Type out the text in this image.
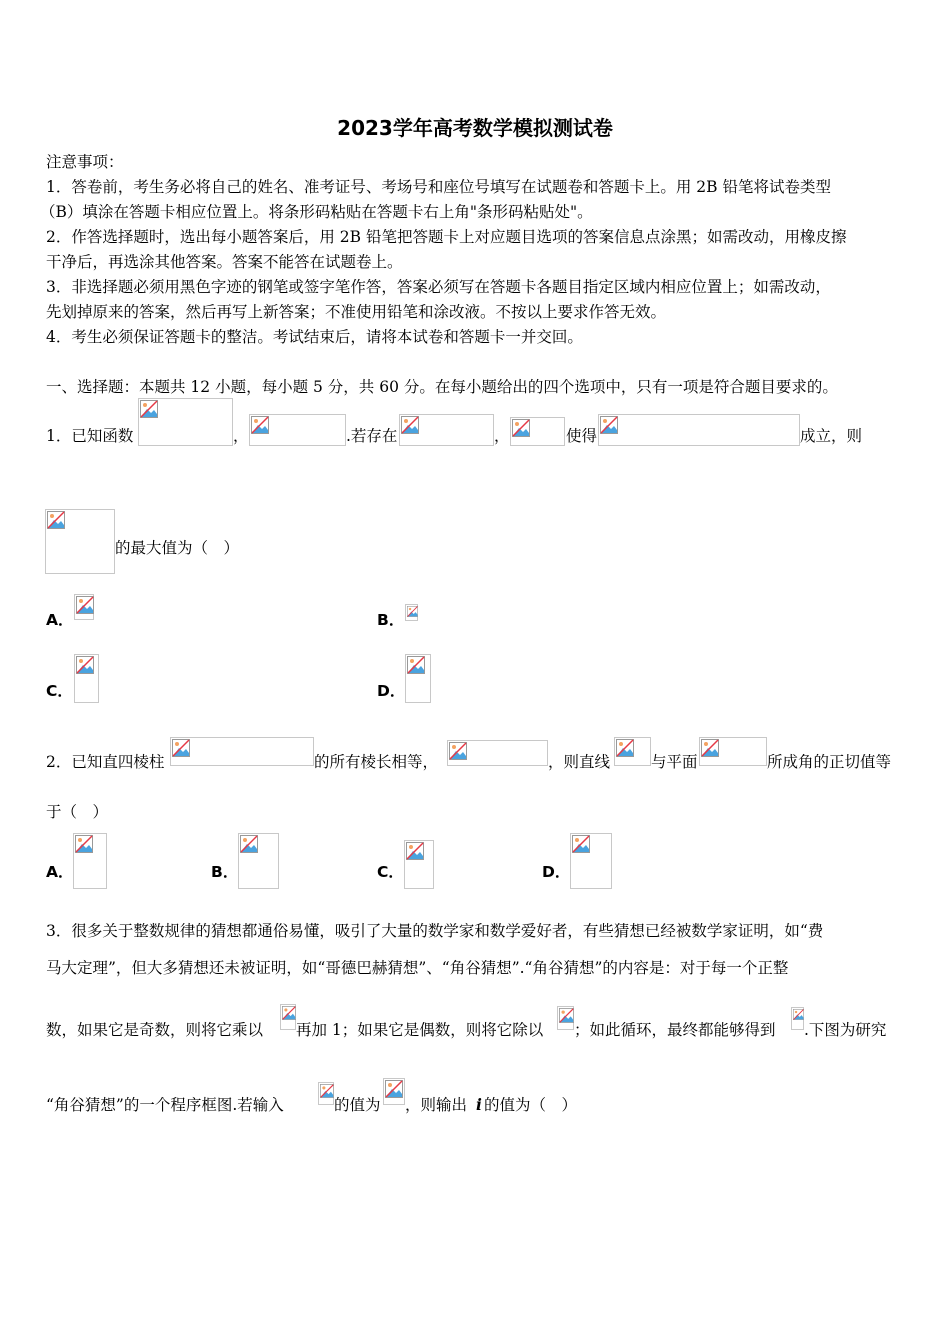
2023学年高考数学模拟测试卷
注意事项：
1．答卷前，考生务必将自己的姓名、准考证号、考场号和座位号填写在试题卷和答题卡上。用 2B 铅笔将试卷类型
（B）填涂在答题卡相应位置上。将条形码粘贴在答题卡右上角"条形码粘贴处"。
2．作答选择题时，选出每小题答案后，用 2B 铅笔把答题卡上对应题目选项的答案信息点涂黑；如需改动，用橡皮擦
干净后，再选涂其他答案。答案不能答在试题卷上。
3．非选择题必须用黑色字迹的钢笔或签字笔作答，答案必须写在答题卡各题目指定区域内相应位置上；如需改动，
先划掉原来的答案，然后再写上新答案；不准使用铅笔和涂改液。不按以上要求作答无效。
4．考生必须保证答题卡的整洁。考试结束后，请将本试卷和答题卡一并交回。
一、选择题：本题共 12 小题，每小题 5 分，共 60 分。在每小题给出的四个选项中，只有一项是符合题目要求的。
1．已知函数	，	.若存在	，	使得	成立，则
的最大值为（　）
A．	B．
C．	D．
2．已知直四棱柱	的所有棱长相等，	，则直线	与平面	所成角的正切值等
于（　）
A．	B．	C．	D．
3．很多关于整数规律的猜想都通俗易懂，吸引了大量的数学家和数学爱好者，有些猜想已经被数学家证明，如“费
马大定理”，但大多猜想还未被证明，如“哥德巴赫猜想”、“角谷猜想”.“角谷猜想”的内容是：对于每一个正整
数，如果它是奇数，则将它乘以 再加 1；如果它是偶数，则将它除以 ；如此循环，最终都能够得到 .下图为研究
“角谷猜想”的一个程序框图.若输入	的值为 ，则输出 i 的值为（　）
